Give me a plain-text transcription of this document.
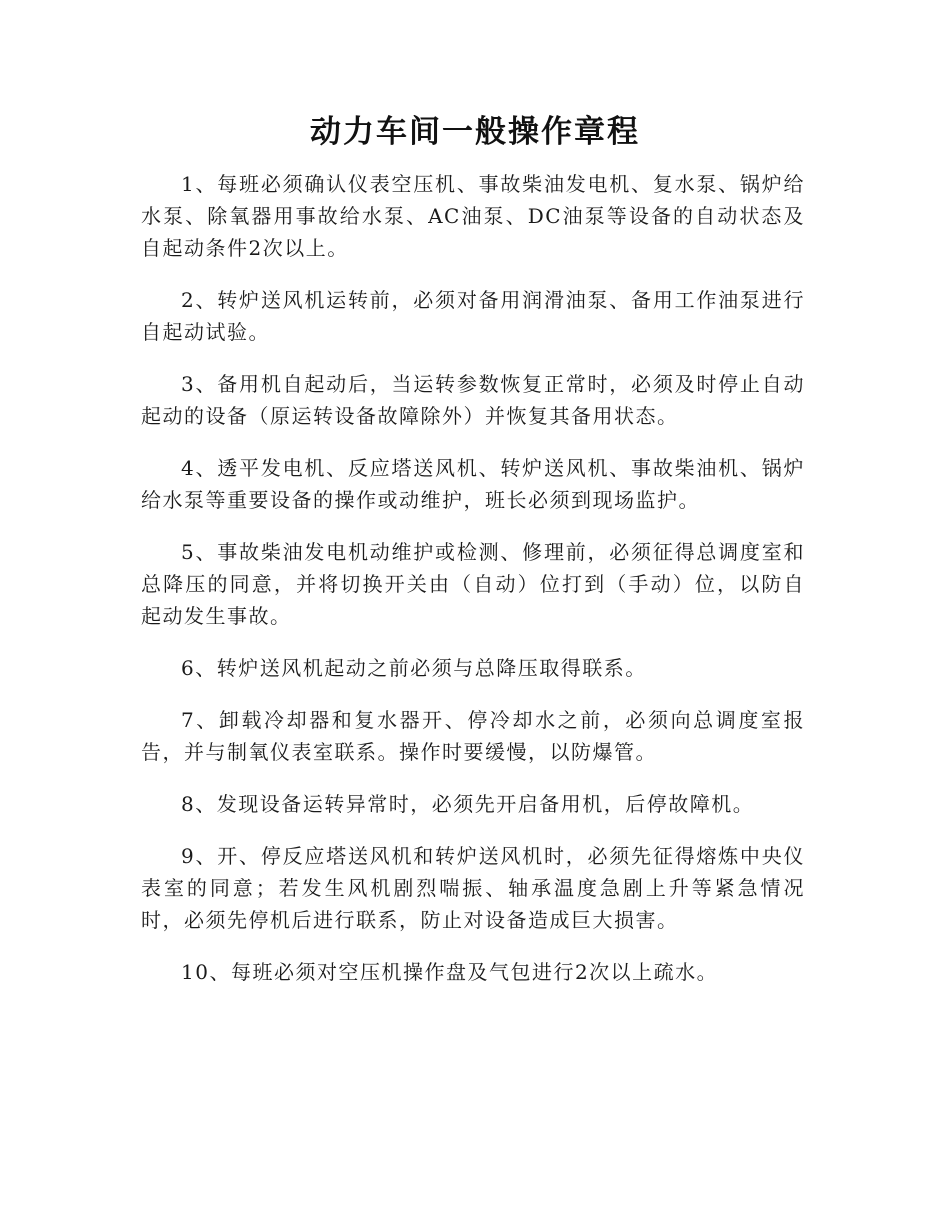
动力车间一般操作章程

1、每班必须确认仪表空压机、事故柴油发电机、复水泵、锅炉给水泵、除氧器用事故给水泵、AC油泵、DC油泵等设备的自动状态及自起动条件2次以上。

2、转炉送风机运转前，必须对备用润滑油泵、备用工作油泵进行自起动试验。

3、备用机自起动后，当运转参数恢复正常时，必须及时停止自动起动的设备（原运转设备故障除外）并恢复其备用状态。

4、透平发电机、反应塔送风机、转炉送风机、事故柴油机、锅炉给水泵等重要设备的操作或动维护，班长必须到现场监护。

5、事故柴油发电机动维护或检测、修理前，必须征得总调度室和总降压的同意，并将切换开关由（自动）位打到（手动）位，以防自起动发生事故。

6、转炉送风机起动之前必须与总降压取得联系。

7、卸载冷却器和复水器开、停冷却水之前，必须向总调度室报告，并与制氧仪表室联系。操作时要缓慢，以防爆管。

8、发现设备运转异常时，必须先开启备用机，后停故障机。

9、开、停反应塔送风机和转炉送风机时，必须先征得熔炼中央仪表室的同意；若发生风机剧烈喘振、轴承温度急剧上升等紧急情况时，必须先停机后进行联系，防止对设备造成巨大损害。

10、每班必须对空压机操作盘及气包进行2次以上疏水。
